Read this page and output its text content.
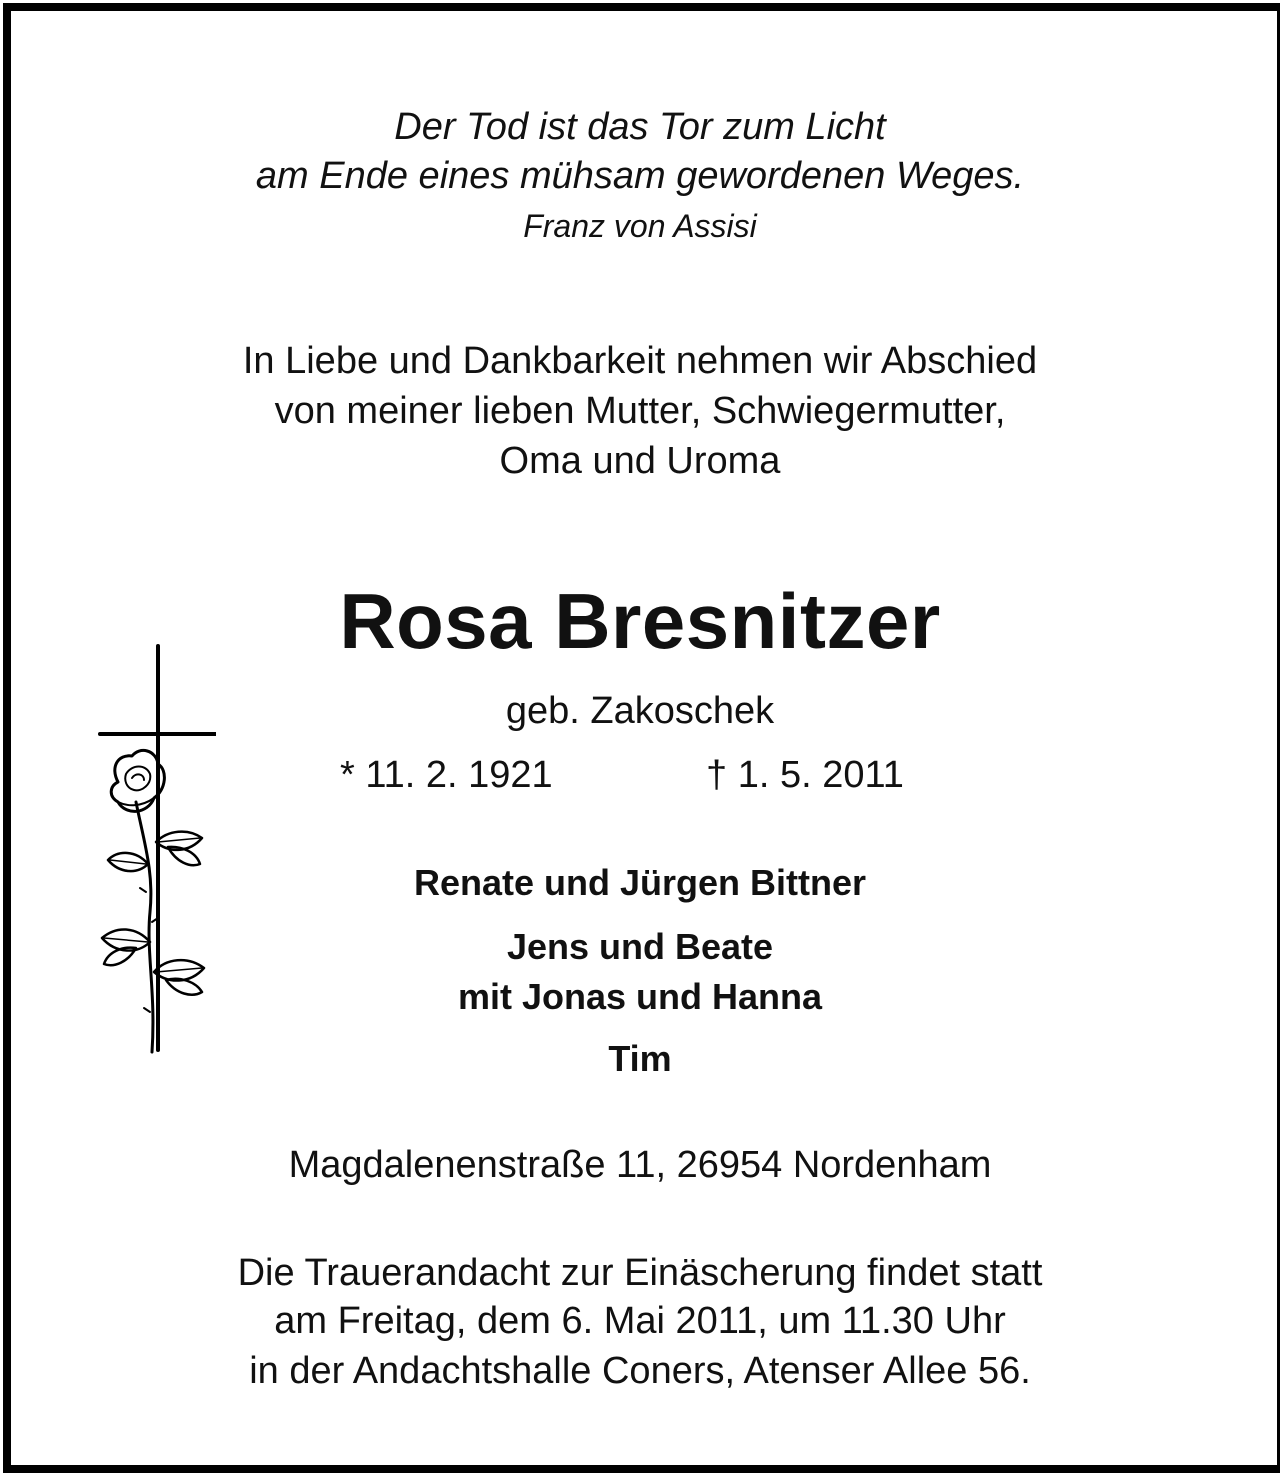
Der Tod ist das Tor zum Licht
am Ende eines mühsam gewordenen Weges.
Franz von Assisi
In Liebe und Dankbarkeit nehmen wir Abschied
von meiner lieben Mutter, Schwiegermutter,
Oma und Uroma
Rosa Bresnitzer
geb. Zakoschek
* 11. 2. 1921	† 1. 5. 2011
Renate und Jürgen Bittner
Jens und Beate
mit Jonas und Hanna
Tim
Magdalenenstraße 11, 26954 Nordenham
Die Trauerandacht zur Einäscherung findet statt
am Freitag, dem 6. Mai 2011, um 11.30 Uhr
in der Andachtshalle Coners, Atenser Allee 56.
